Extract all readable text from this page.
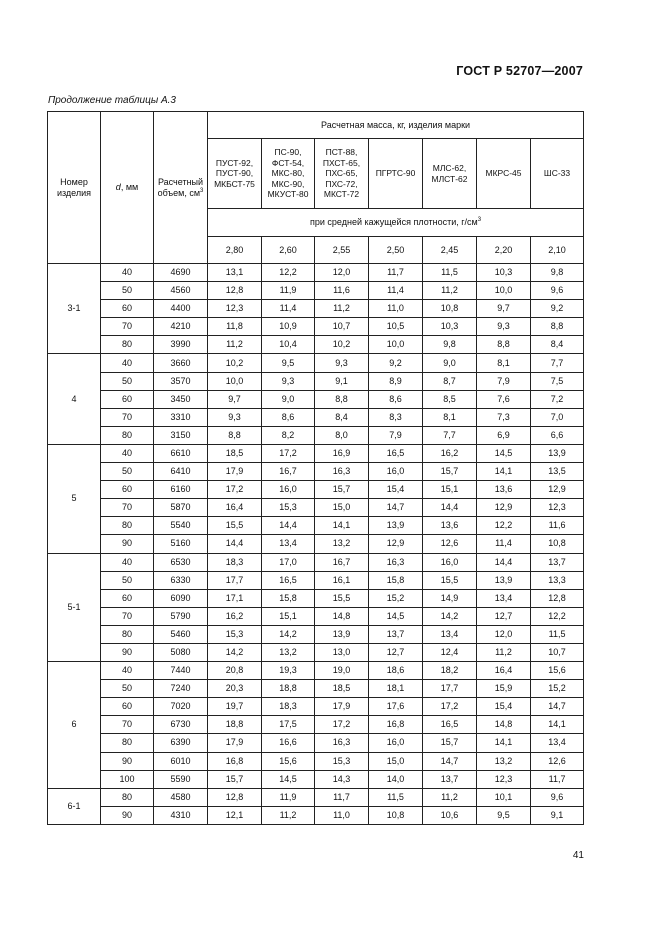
ГОСТ Р 52707—2007
Продолжение таблицы А.3
Номер
изделия	d, мм	Расчетный
объем, $см^3$	Расчетная масса, кг, изделия марки						
			ПУСТ-92,
ПУСТ-90,
МКБСТ-75	ПС-90,
ФСТ-54,
МКС-80,
МКС-90,
МКУСТ-80	ПСТ-88,
ПХСТ-65,
ПХС-65,
ПХС-72,
МКСТ-72	ПГРТС-90	МЛС-62,
МЛСТ-62	МКРС-45	ШС-33
			при средней кажущейся плотности, $г/см^3$
			2,80	2,60	2,55	2,50	2,45	2,20	2,10
3-1	40	4690	13,1	12,2	12,0	11,7	11,5	10,3	9,8
	50	4560	12,8	11,9	11,6	11,4	11,2	10,0	9,6
	60	4400	12,3	11,4	11,2	11,0	10,8	9,7	9,2
	70	4210	11,8	10,9	10,7	10,5	10,3	9,3	8,8
	80	3990	11,2	10,4	10,2	10,0	9,8	8,8	8,4
4	40	3660	10,2	9,5	9,3	9,2	9,0	8,1	7,7
	50	3570	10,0	9,3	9,1	8,9	8,7	7,9	7,5
	60	3450	9,7	9,0	8,8	8,6	8,5	7,6	7,2
	70	3310	9,3	8,6	8,4	8,3	8,1	7,3	7,0
	80	3150	8,8	8,2	8,0	7,9	7,7	6,9	6,6
5	40	6610	18,5	17,2	16,9	16,5	16,2	14,5	13,9
	50	6410	17,9	16,7	16,3	16,0	15,7	14,1	13,5
	60	6160	17,2	16,0	15,7	15,4	15,1	13,6	12,9
	70	5870	16,4	15,3	15,0	14,7	14,4	12,9	12,3
	80	5540	15,5	14,4	14,1	13,9	13,6	12,2	11,6
	90	5160	14,4	13,4	13,2	12,9	12,6	11,4	10,8
5-1	40	6530	18,3	17,0	16,7	16,3	16,0	14,4	13,7
	50	6330	17,7	16,5	16,1	15,8	15,5	13,9	13,3
	60	6090	17,1	15,8	15,5	15,2	14,9	13,4	12,8
	70	5790	16,2	15,1	14,8	14,5	14,2	12,7	12,2
	80	5460	15,3	14,2	13,9	13,7	13,4	12,0	11,5
	90	5080	14,2	13,2	13,0	12,7	12,4	11,2	10,7
6	40	7440	20,8	19,3	19,0	18,6	18,2	16,4	15,6
	50	7240	20,3	18,8	18,5	18,1	17,7	15,9	15,2
	60	7020	19,7	18,3	17,9	17,6	17,2	15,4	14,7
	70	6730	18,8	17,5	17,2	16,8	16,5	14,8	14,1
	80	6390	17,9	16,6	16,3	16,0	15,7	14,1	13,4
	90	6010	16,8	15,6	15,3	15,0	14,7	13,2	12,6
	100	5590	15,7	14,5	14,3	14,0	13,7	12,3	11,7
6-1	80	4580	12,8	11,9	11,7	11,5	11,2	10,1	9,6
	90	4310	12,1	11,2	11,0	10,8	10,6	9,5	9,1
41
